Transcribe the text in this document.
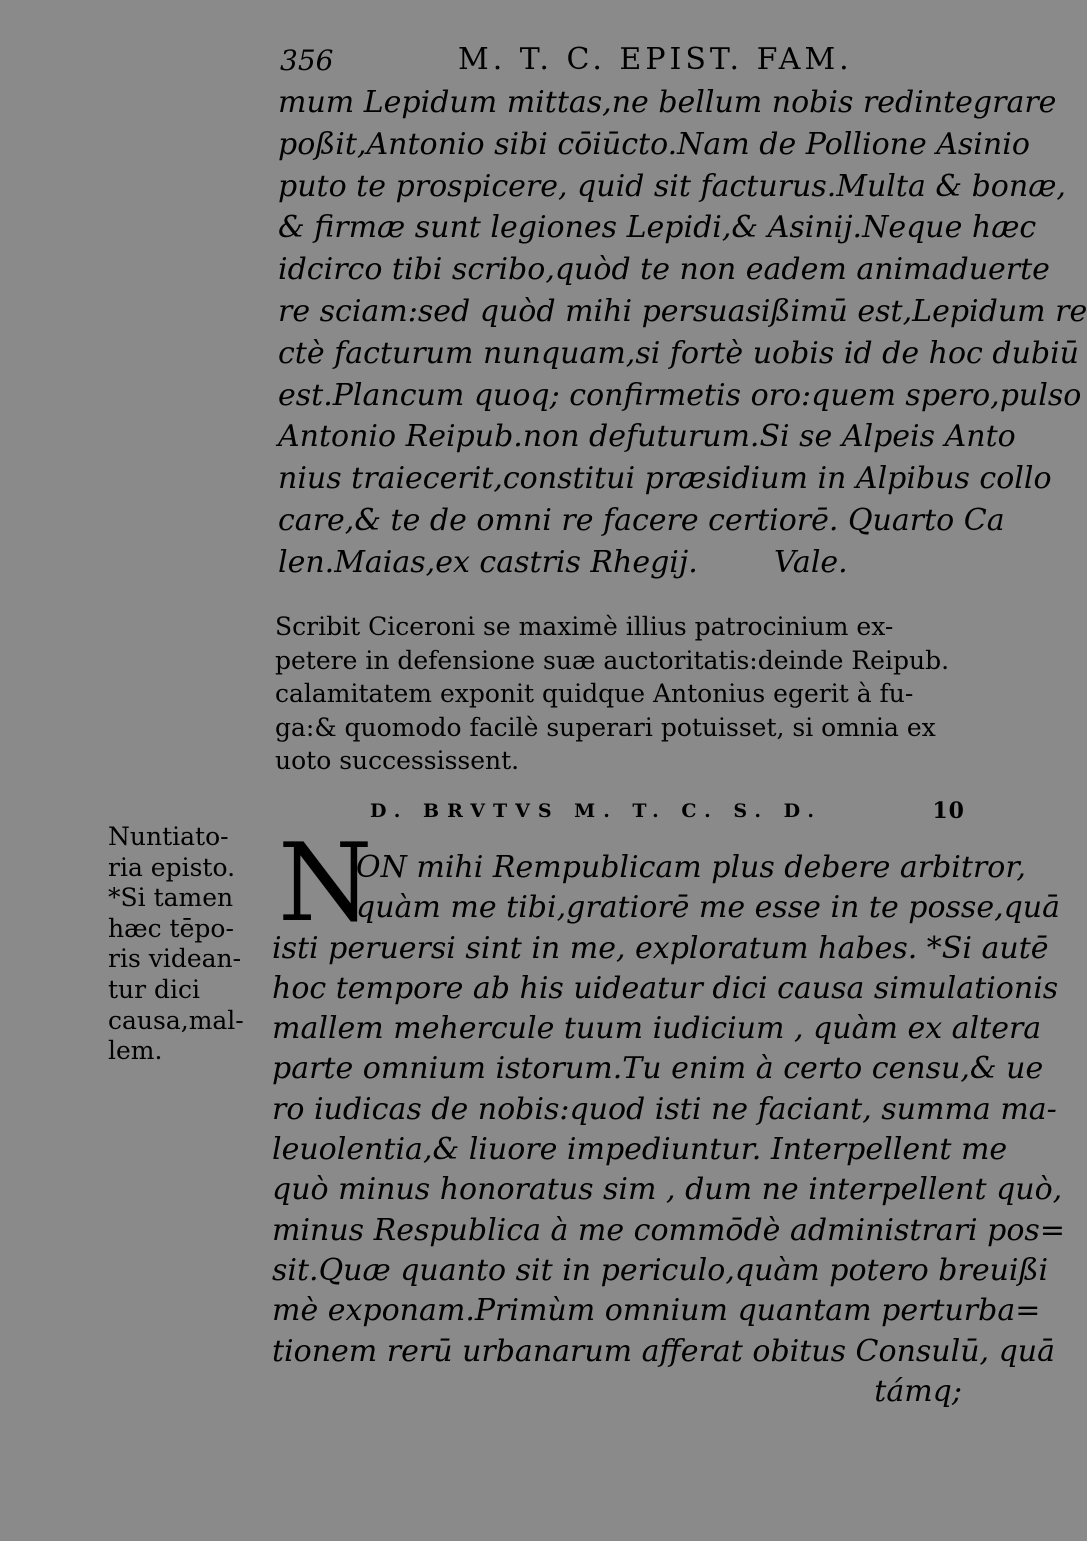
356	M. T. C. EPIST. FAM.
mum Lepidum mittas,ne bellum nobis redintegrare
poßit,Antonio sibi cōiūcto.Nam de Pollione Asinio
puto te prospicere, quid sit facturus.Multa & bonæ,
& firmæ sunt legiones Lepidi,& Asinij.Neque hæc
idcirco tibi scribo,quòd te non eadem animaduerte
re sciam:sed quòd mihi persuasißimū est,Lepidum re
ctè facturum nunquam,si fortè uobis id de hoc dubiū
est.Plancum quoq; confirmetis oro:quem spero,pulso
Antonio Reipub.non defuturum.Si se Alpeis Anto
nius traiecerit,constitui præsidium in Alpibus collo
care,& te de omni re facere certiorē. Quarto Ca
len.Maias,ex castris Rhegij.        Vale.
Scribit Ciceroni se maximè illius patrocinium ex-
petere in defensione suæ auctoritatis:deinde Reipub.
calamitatem exponit quidque Antonius egerit à fu-
ga:& quomodo facilè superari potuisset, si omnia ex
uoto successissent.
D. BRVTVS M. T. C. S. D.	10
Nuntiato-
ria episto.
*Si tamen
hæc tēpo-
ris videan-
tur dici
causa,mal-
lem.
N
ON mihi Rempublicam plus debere arbitror,
quàm me tibi,gratiorē me esse in te posse,quā
isti peruersi sint in me, exploratum habes. *Si autē
hoc tempore ab his uideatur dici causa simulationis
mallem mehercule tuum iudicium , quàm ex altera
parte omnium istorum.Tu enim à certo censu,& ue
ro iudicas de nobis:quod isti ne faciant, summa ma-
leuolentia,& liuore impediuntur. Interpellent me
quò minus honoratus sim , dum ne interpellent quò,
minus Respublica à me commōdè administrari pos=
sit.Quæ quanto sit in periculo,quàm potero breuißi
mè exponam.Primùm omnium quantam perturba=
tionem rerū urbanarum afferat obitus Consulū, quā
támq;
